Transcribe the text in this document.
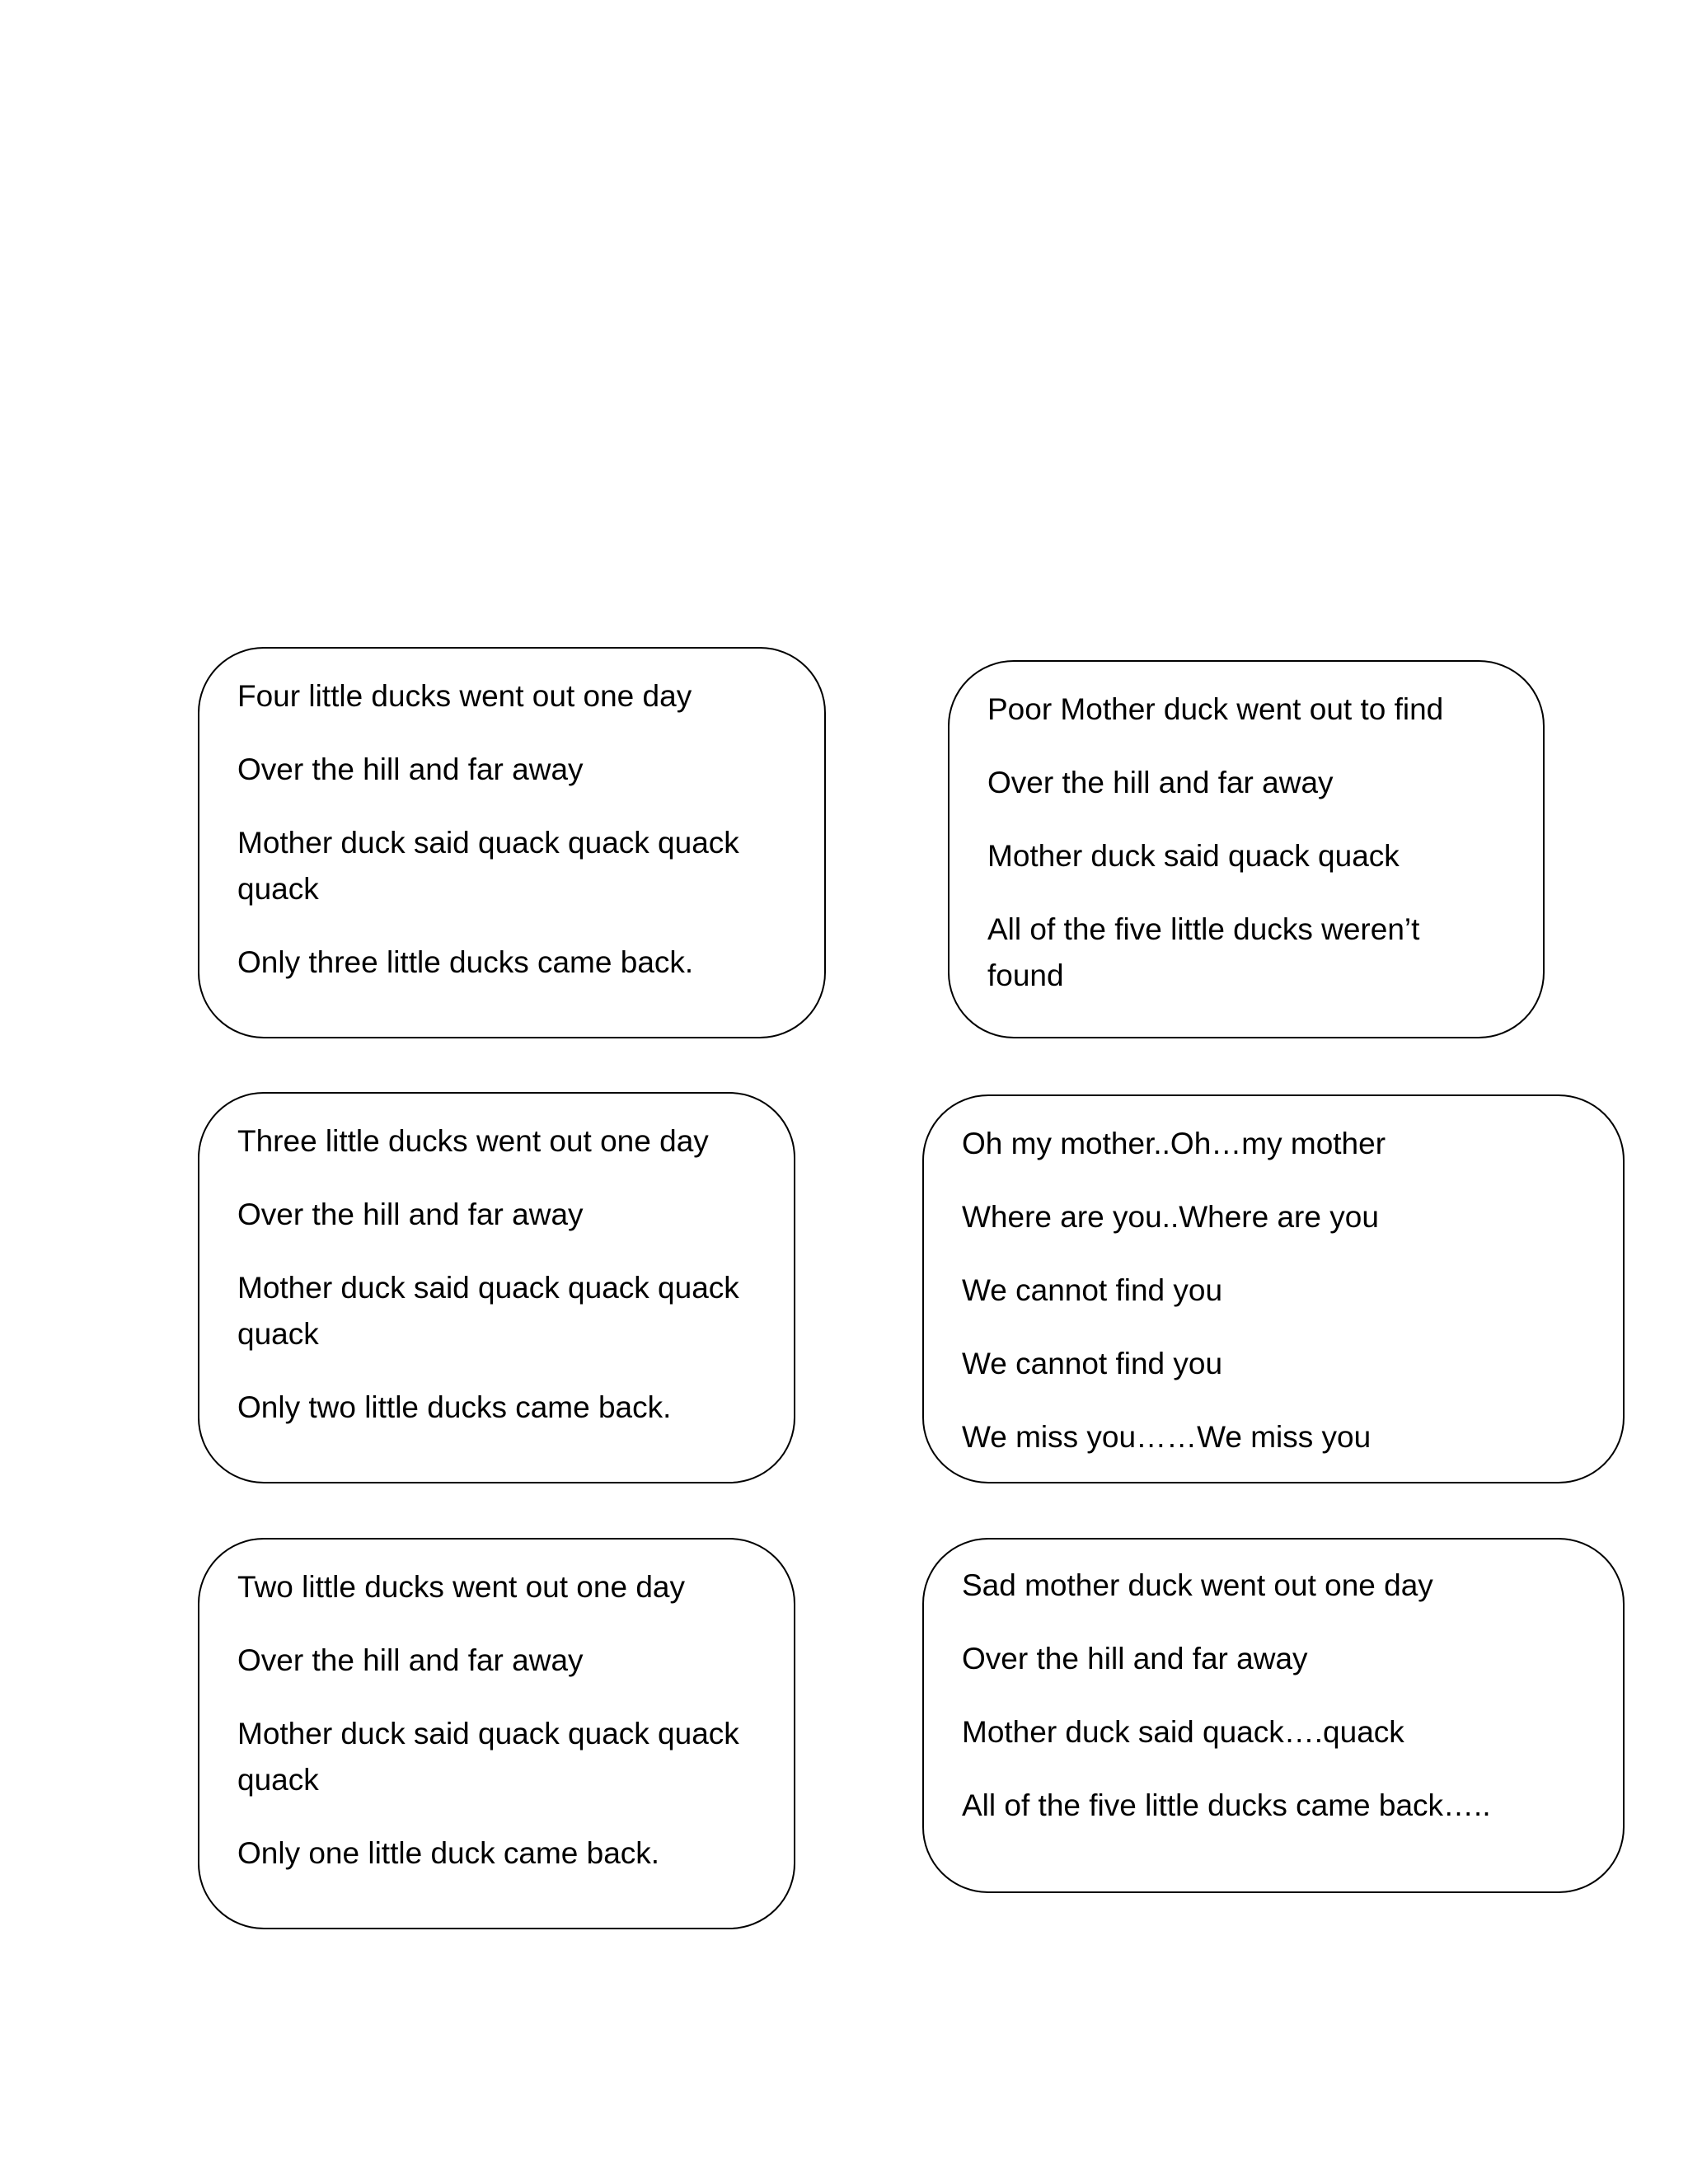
Four little ducks went out one day
Over the hill and far away
Mother duck said quack quack quack quack
Only three little ducks came back.
Poor Mother duck went out to find
Over the hill and far away
Mother duck said quack quack
All of the five little ducks weren’t found
Three little ducks went out one day
Over the hill and far away
Mother duck said quack quack quack quack
Only two little ducks came back.
Oh my mother..Oh…my mother
Where are you..Where are you
We cannot find you
We cannot find you
We miss you……We miss you
Two little ducks went out one day
Over the hill and far away
Mother duck said quack quack quack quack
Only one little duck came back.
Sad mother duck went out one day
Over the hill and far away
Mother duck said quack….quack
All of the five little ducks came back…..
